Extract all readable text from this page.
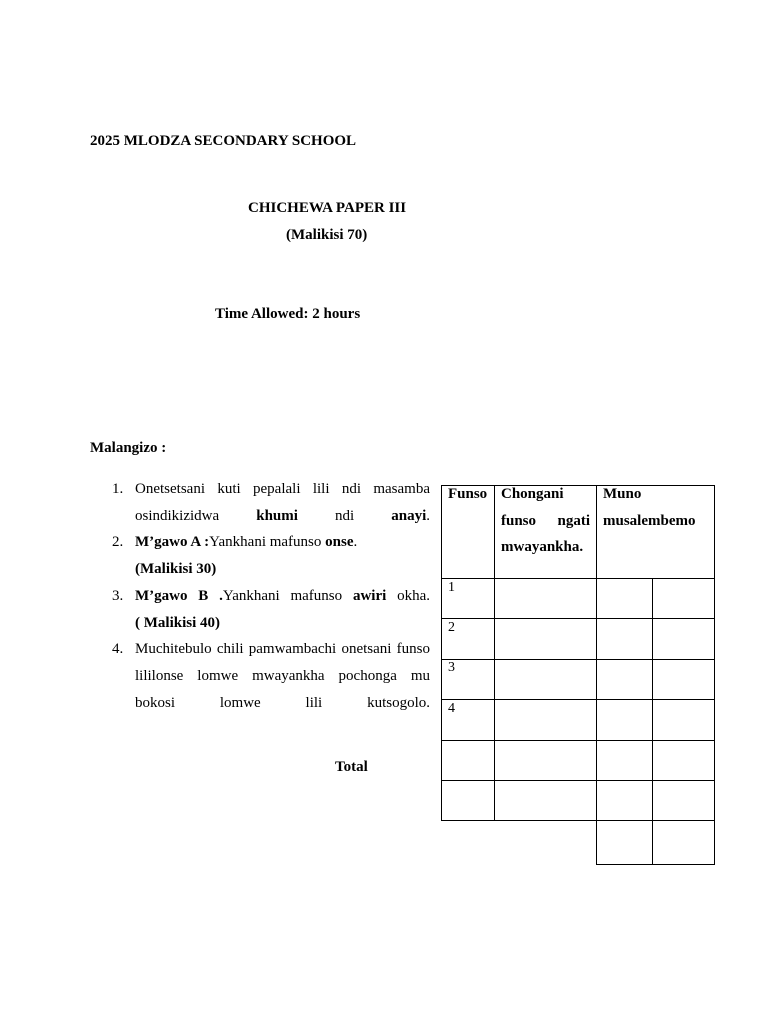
2025 MLODZA SECONDARY SCHOOL
CHICHEWA PAPER III
(Malikisi 70)
Time Allowed: 2 hours
Malangizo :
1. Onetsetsani kuti pepalali lili ndi masamba osindikizidwa khumi ndi anayi.
2. M’gawo A :Yankhani mafunso onse.
(Malikisi 30)
3. M’gawo B .Yankhani mafunso awiri okha.
( Malikisi 40)
4. Muchitebulo chili pamwambachi onetsani funso lililonse lomwe mwayankha pochonga mu bokosi lomwe lili kutsogolo.
Total
Funso Chongani funso ngati mwayankha.
Muno musalembemo
1
2
3
4
